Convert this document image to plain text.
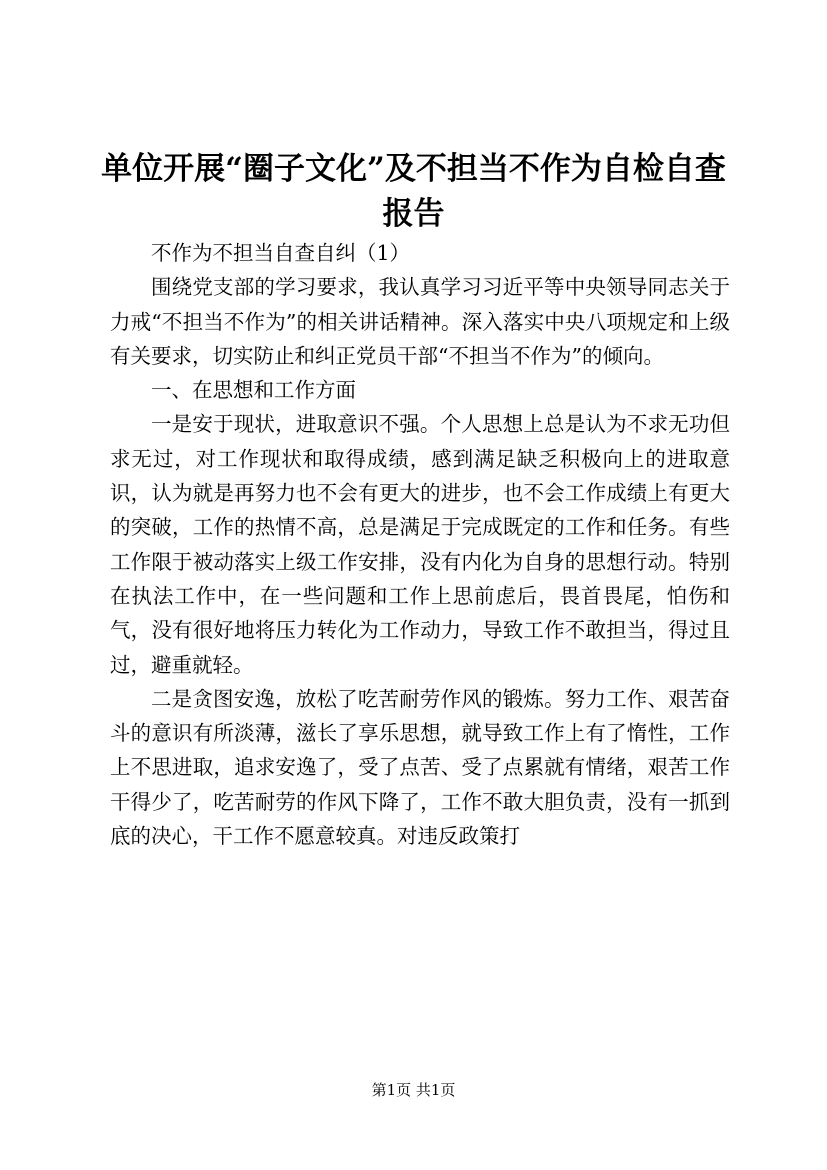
单位开展“圈子文化”及不担当不作为自检自查报告

不作为不担当自查自纠（1）

围绕党支部的学习要求，我认真学习习近平等中央领导同志关于力戒“不担当不作为”的相关讲话精神。深入落实中央八项规定和上级有关要求，切实防止和纠正党员干部“不担当不作为”的倾向。

一、在思想和工作方面

一是安于现状，进取意识不强。个人思想上总是认为不求无功但求无过，对工作现状和取得成绩，感到满足缺乏积极向上的进取意识，认为就是再努力也不会有更大的进步，也不会工作成绩上有更大的突破，工作的热情不高，总是满足于完成既定的工作和任务。有些工作限于被动落实上级工作安排，没有内化为自身的思想行动。特别在执法工作中，在一些问题和工作上思前虑后，畏首畏尾，怕伤和气，没有很好地将压力转化为工作动力，导致工作不敢担当，得过且过，避重就轻。

二是贪图安逸，放松了吃苦耐劳作风的锻炼。努力工作、艰苦奋斗的意识有所淡薄，滋长了享乐思想，就导致工作上有了惰性，工作上不思进取，追求安逸了，受了点苦、受了点累就有情绪，艰苦工作干得少了，吃苦耐劳的作风下降了，工作不敢大胆负责，没有一抓到底的决心，干工作不愿意较真。对违反政策打

第1页 共1页
